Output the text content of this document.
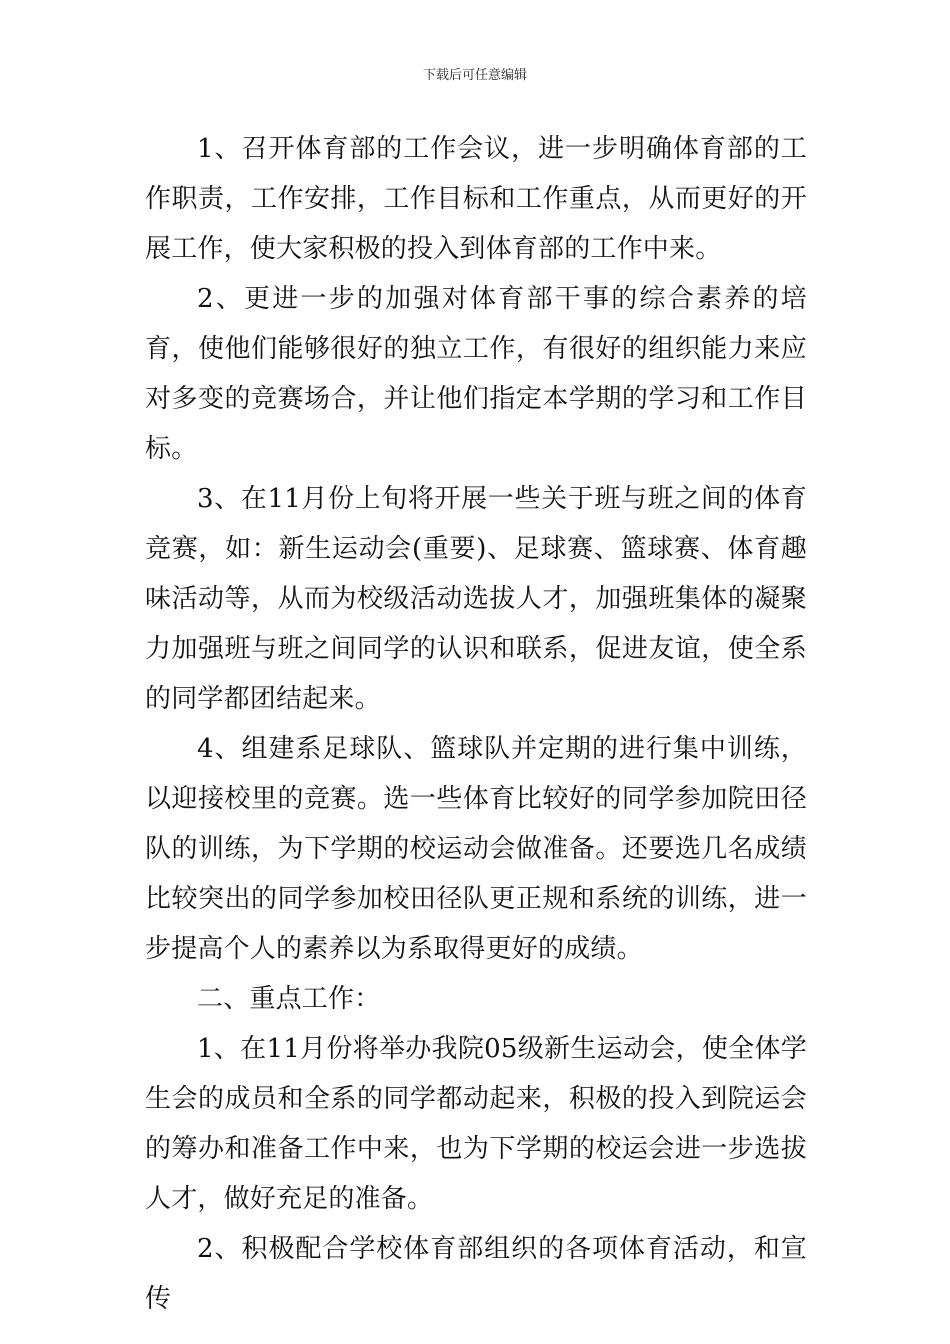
下载后可任意编辑

1、召开体育部的工作会议，进一步明确体育部的工作职责，工作安排，工作目标和工作重点，从而更好的开展工作，使大家积极的投入到体育部的工作中来。

2、更进一步的加强对体育部干事的综合素养的培育，使他们能够很好的独立工作，有很好的组织能力来应对多变的竞赛场合，并让他们指定本学期的学习和工作目标。

3、在11月份上旬将开展一些关于班与班之间的体育竞赛，如：新生运动会(重要)、足球赛、篮球赛、体育趣味活动等，从而为校级活动选拔人才，加强班集体的凝聚力加强班与班之间同学的认识和联系，促进友谊，使全系的同学都团结起来。

4、组建系足球队、篮球队并定期的进行集中训练，以迎接校里的竞赛。选一些体育比较好的同学参加院田径队的训练，为下学期的校运动会做准备。还要选几名成绩比较突出的同学参加校田径队更正规和系统的训练，进一步提高个人的素养以为系取得更好的成绩。

二、重点工作：

1、在11月份将举办我院05级新生运动会，使全体学生会的成员和全系的同学都动起来，积极的投入到院运会的筹办和准备工作中来，也为下学期的校运会进一步选拔人才，做好充足的准备。

2、积极配合学校体育部组织的各项体育活动，和宣传
